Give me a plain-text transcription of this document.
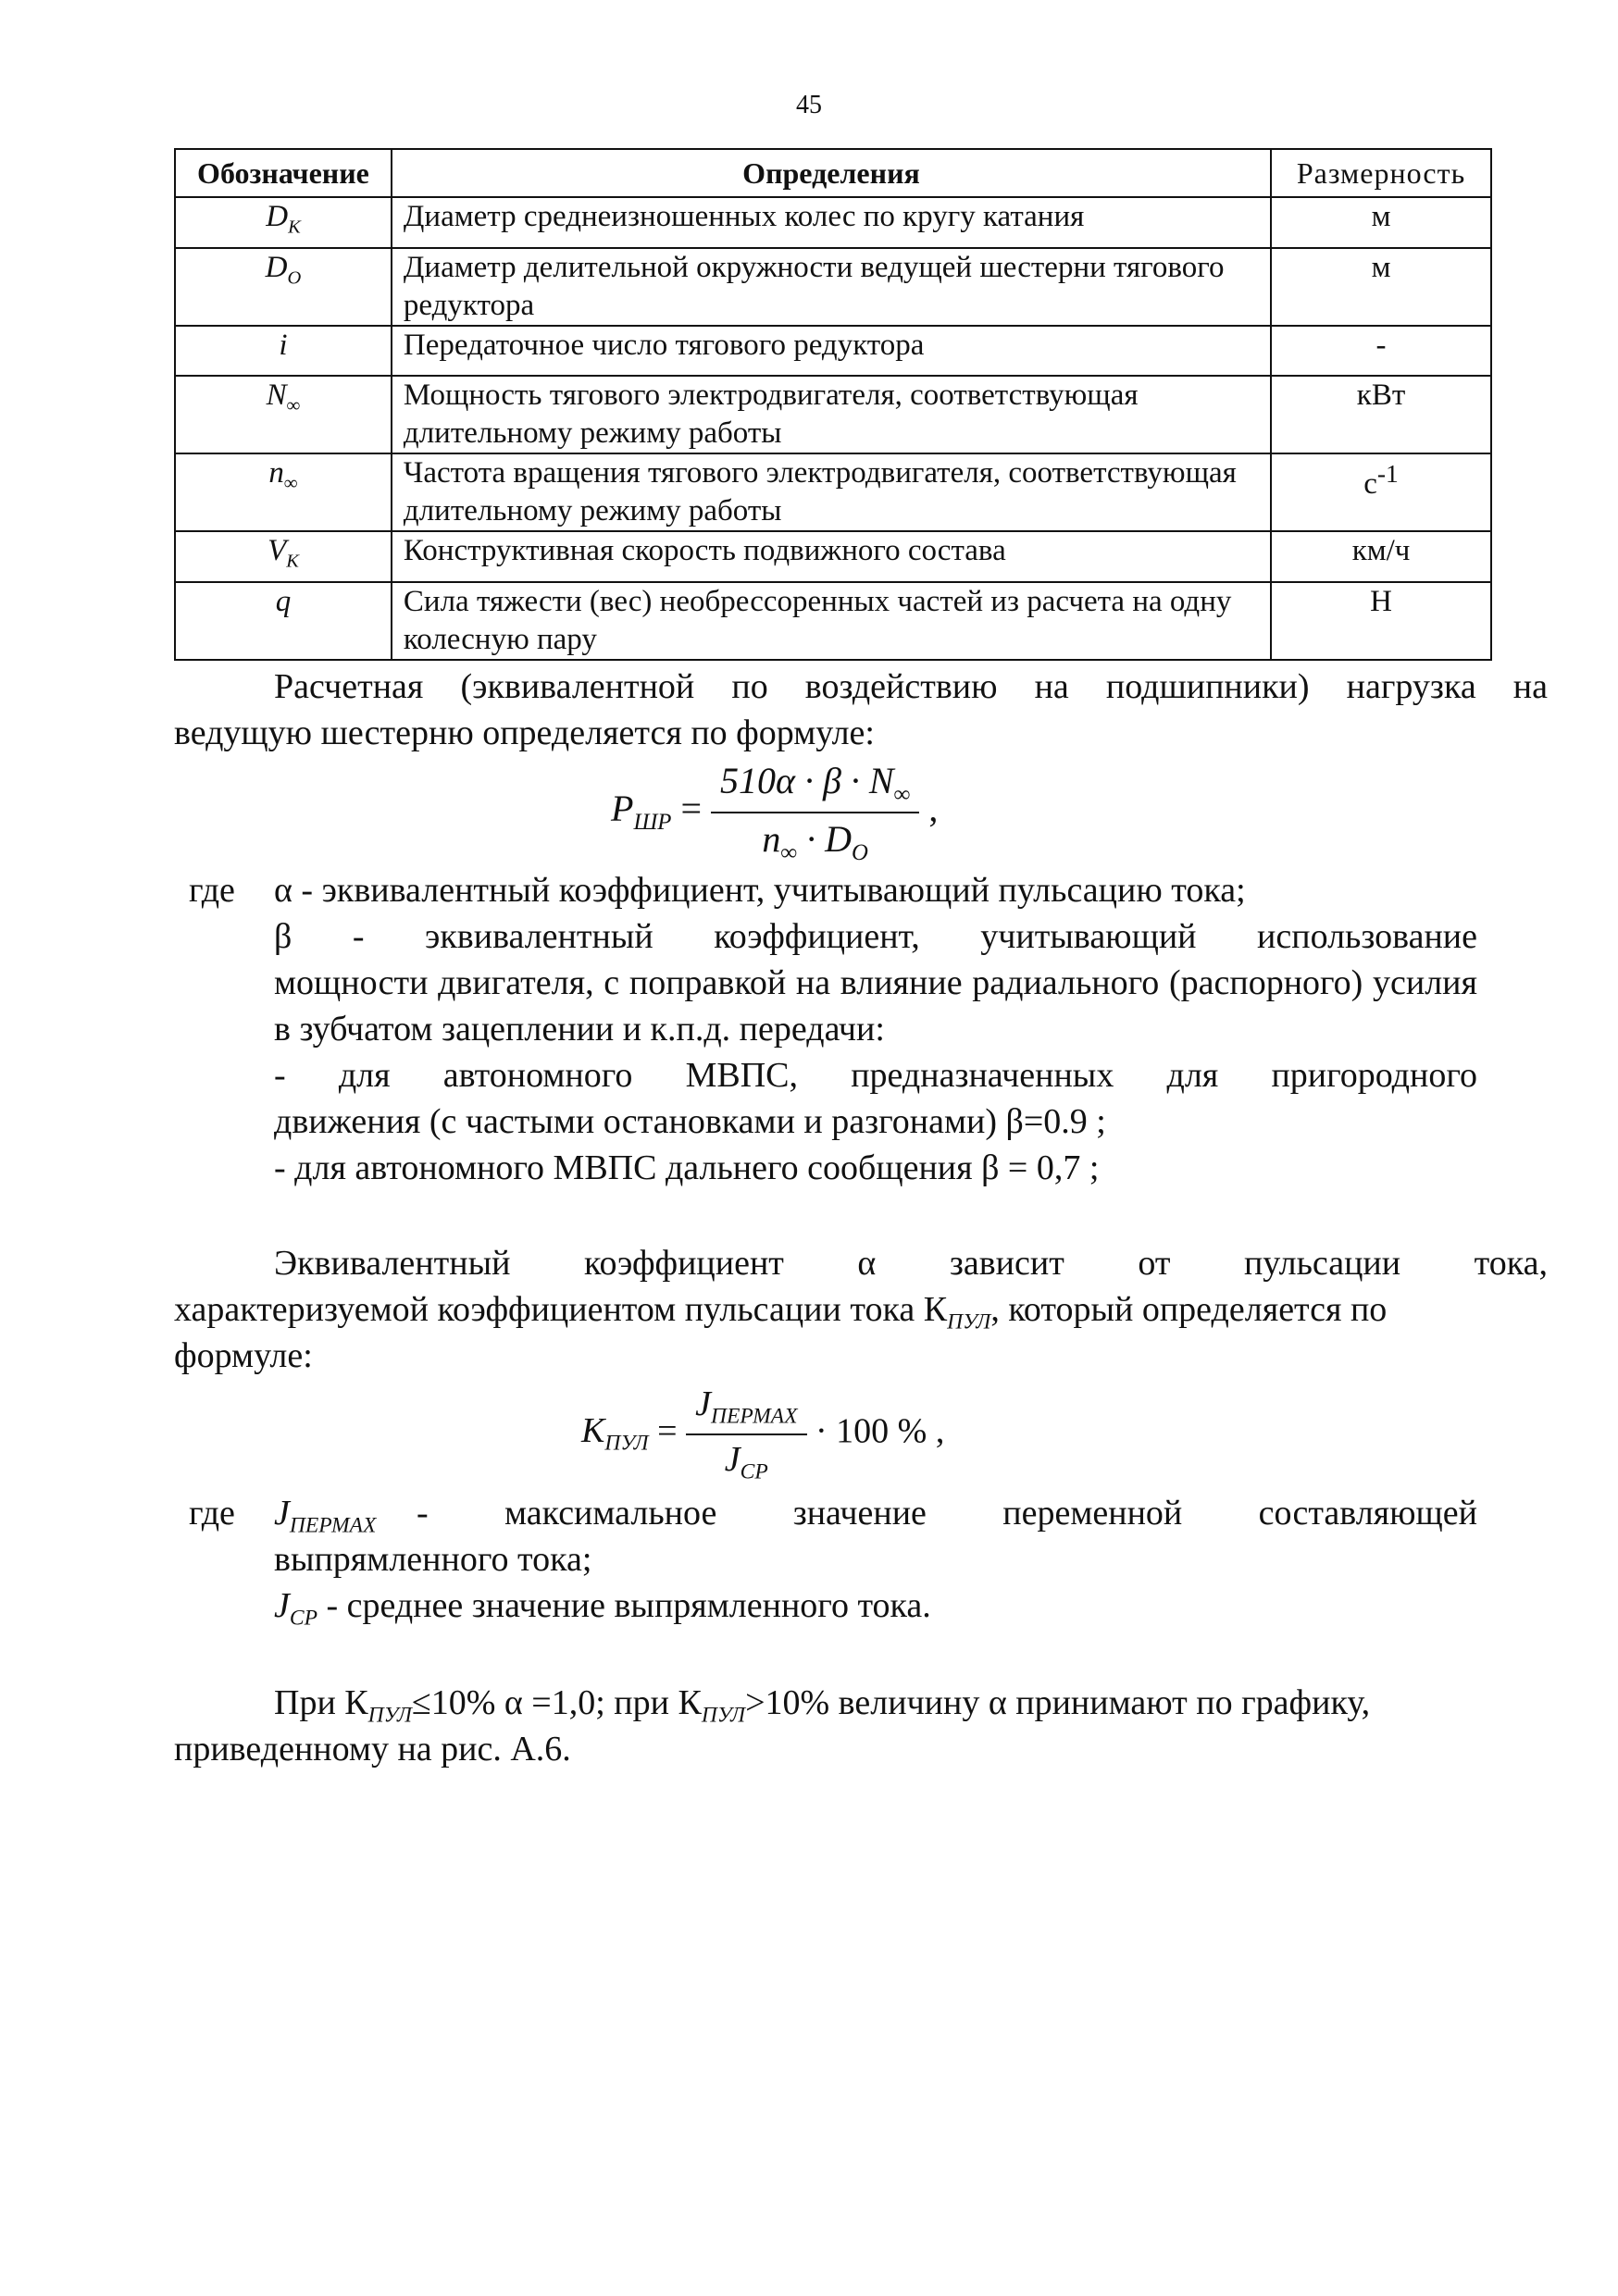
45
Обозначение	Определения	Размерность
$D_К$	Диаметр среднеизношенных колес по кругу катания	м
$D_О$	Диаметр делительной окружности ведущей шестерни тягового редуктора	м
i	Передаточное число тягового редуктора	-
$N_\infty$	Мощность тягового электродвигателя, соответствующая длительному режиму работы	кВт
$n_\infty$	Частота вращения тягового электродвигателя, соответствующая длительному режиму работы	$с^{-1}$
$V_К$	Конструктивная скорость подвижного состава	км/ч
q	Сила тяжести (вес) необрессоренных частей из расчета на одну колесную пару	Н
Расчетная (эквивалентной по воздействию на подшипники) нагрузка на
ведущую шестерню определяется по формуле:
$P_{ШР} = \frac{510\alpha \cdot \beta \cdot N_\infty}{n_\infty \cdot D_O}$ ,
где α - эквивалентный коэффициент, учитывающий пульсацию тока;
β - эквивалентный коэффициент, учитывающий использование
мощности двигателя, с поправкой на влияние радиального (распорного) усилия в зубчатом зацеплении и к.п.д. передачи:
- для автономного МВПС, предназначенных для пригородного
движения (с частыми остановками и разгонами) β=0.9 ;
- для автономного МВПС дальнего сообщения β = 0,7 ;
Эквивалентный коэффициент α зависит от пульсации тока,
характеризуемой коэффициентом пульсации тока $К_{ПУЛ}$, который определяется по
формуле:
$K_{ПУЛ} = \frac{J_{ПЕРМАХ}}{J_{CP}} \cdot 100$ % ,
где $J_{ПЕРМАХ}$	- максимальное значение переменной составляющей
выпрямленного тока;
$J_{CP}$ - среднее значение выпрямленного тока.
При $К_{ПУЛ}\le 10\%$ α =1,0; при $К_{ПУЛ}>10\%$ величину α принимают по графику,
приведенному на рис. А.6.
